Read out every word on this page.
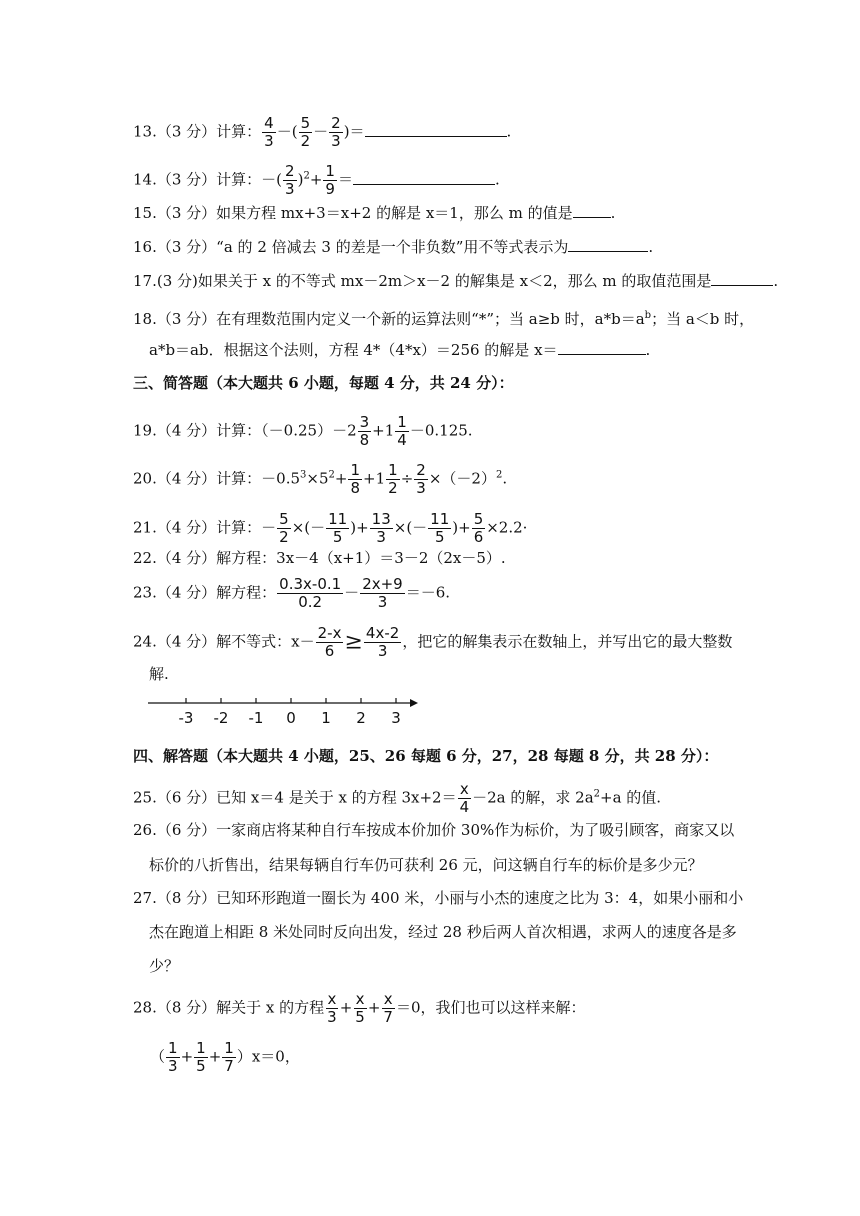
13.（3 分）计算： $\frac{4}{3}$ －( $\frac{5}{2} - \frac{2}{3}$ )＝	.
14.（3 分）计算：－( $\frac{2}{3} )^2+ \frac{1}{9}$ ＝	.
15.（3 分）如果方程 mx+3＝x+2 的解是 x＝1，那么 m 的值是	.
16.（3 分）“a 的 2 倍减去 3 的差是一个非负数”用不等式表示为	.
17.(3 分)如果关于 x 的不等式 mx－2m＞x－2 的解集是 x＜2，那么 m 的取值范围是	.
18.（3 分）在有理数范围内定义一个新的运算法则“*”；当 a≥b 时，$a*b=a^b$；当 a＜b 时，
a*b＝ab．根据这个法则，方程 4*（4*x）＝256 的解是 x＝	.
三、简答题（本大题共 6 小题，每题 4 分，共 24 分）：
19.（4 分）计算：$(-0.25)-2 \frac{3}{8} +1 \frac{1}{4} -0.125$.
20.（4 分）计算：$-0.5^3\times 5^2+ \frac{1}{8} +1 \frac{1}{2} \div \frac{2}{3} \times(-2)^2$.
21.（4 分）计算：－ $\frac{5}{2}$ ×(－ $\frac{11}{5}$ )+ $\frac{13}{3}$ ×(－ $\frac{11}{5}$ )+ $\frac{5}{6} \times 2.2\cdot$
22.（4 分）解方程：3x－4（x+1）＝3－2（2x－5）.
23.（4 分）解方程： $\frac{0.3x-0.1}{0.2} - \frac{2x+9}{3} =-6$.
24.（4 分）解不等式：$x- \frac{2-x}{6} \ge \frac{4x-2}{3}$ ，把它的解集表示在数轴上，并写出它的最大整数
解.
-3 -2 -1 0 1 2 3
四、解答题（本大题共 4 小题，25、26 每题 6 分，27，28 每题 8 分，共 28 分）：
25.（6 分）已知 x＝4 是关于 x 的方程 $3x+2= \frac{x}{4} -2a$ 的解，求 $2a^2+a$ 的值.
26.（6 分）一家商店将某种自行车按成本价加价 30%作为标价，为了吸引顾客，商家又以
标价的八折售出，结果每辆自行车仍可获利 26 元，问这辆自行车的标价是多少元？
27.（8 分）已知环形跑道一圈长为 400 米，小丽与小杰的速度之比为 3：4，如果小丽和小
杰在跑道上相距 8 米处同时反向出发，经过 28 秒后两人首次相遇，求两人的速度各是多
少？
28.（8 分）解关于 x 的方程 $\frac{x}{3} + \frac{x}{5} + \frac{x}{7} =0$，我们也可以这样来解：
（ $\frac{1}{3} + \frac{1}{5} + \frac{1}{7} )x=0$，
